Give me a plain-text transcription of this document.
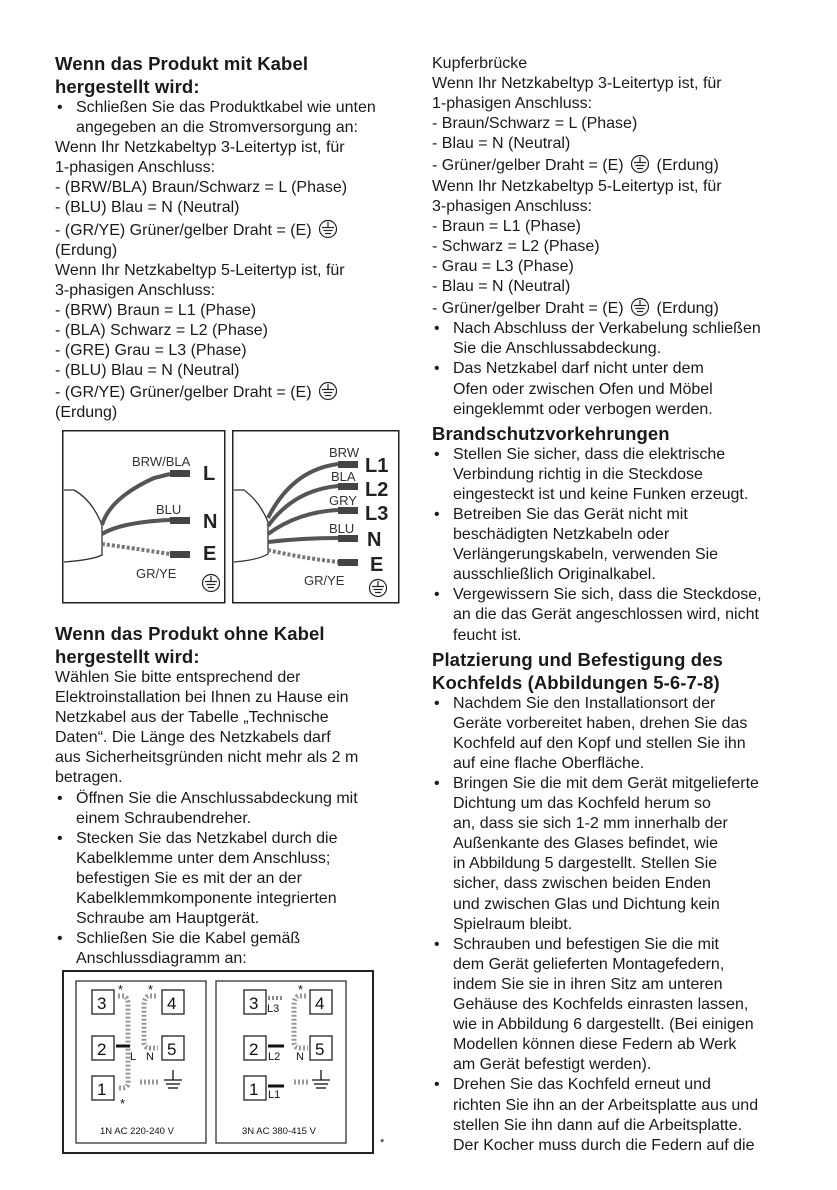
Wenn das Produkt mit Kabel
hergestellt wird:
• Schließen Sie das Produktkabel wie unten
angegeben an die Stromversorgung an:
Wenn Ihr Netzkabeltyp 3-Leitertyp ist, für
1-phasigen Anschluss:
- (BRW/BLA) Braun/Schwarz = L (Phase)
- (BLU) Blau = N (Neutral)
- (GR/YE) Grüner/gelber Draht = (E)
(Erdung)
Wenn Ihr Netzkabeltyp 5-Leitertyp ist, für
3-phasigen Anschluss:
- (BRW) Braun = L1 (Phase)
- (BLA) Schwarz = L2 (Phase)
- (GRE) Grau = L3 (Phase)
- (BLU) Blau = N (Neutral)
- (GR/YE) Grüner/gelber Draht = (E)
(Erdung)
BRW/BLA
BLU
GR/YE
L
N
E
BRW
BLA
GRY
BLU
GR/YE
L1
L2
L3
N
E
Wenn das Produkt ohne Kabel
hergestellt wird:
Wählen Sie bitte entsprechend der
Elektroinstallation bei Ihnen zu Hause ein
Netzkabel aus der Tabelle „Technische
Daten“. Die Länge des Netzkabels darf
aus Sicherheitsgründen nicht mehr als 2 m
betragen.
• Öffnen Sie die Anschlussabdeckung mit
einem Schraubendreher.
• Stecken Sie das Netzkabel durch die
Kabelklemme unter dem Anschluss;
befestigen Sie es mit der an der
Kabelklemmkomponente integrierten
Schraube am Hauptgerät.
• Schließen Sie die Kabel gemäß
Anschlussdiagramm an:
3	4
2	5
1
L N
* *
*
1N AC 220-240 V
3	4
2	5
1
L3
L2
L1
N
*
3N AC 380-415 V
*
Kupferbrücke
Wenn Ihr Netzkabeltyp 3-Leitertyp ist, für
1-phasigen Anschluss:
- Braun/Schwarz = L (Phase)
- Blau = N (Neutral)
- Grüner/gelber Draht = (E) (Erdung)
Wenn Ihr Netzkabeltyp 5-Leitertyp ist, für
3-phasigen Anschluss:
- Braun = L1 (Phase)
- Schwarz = L2 (Phase)
- Grau = L3 (Phase)
- Blau = N (Neutral)
- Grüner/gelber Draht = (E) (Erdung)
• Nach Abschluss der Verkabelung schließen
Sie die Anschlussabdeckung.
• Das Netzkabel darf nicht unter dem
Ofen oder zwischen Ofen und Möbel
eingeklemmt oder verbogen werden.
Brandschutzvorkehrungen
• Stellen Sie sicher, dass die elektrische
Verbindung richtig in die Steckdose
eingesteckt ist und keine Funken erzeugt.
• Betreiben Sie das Gerät nicht mit
beschädigten Netzkabeln oder
Verlängerungskabeln, verwenden Sie
ausschließlich Originalkabel.
• Vergewissern Sie sich, dass die Steckdose,
an die das Gerät angeschlossen wird, nicht
feucht ist.
Platzierung und Befestigung des
Kochfelds (Abbildungen 5-6-7-8)
• Nachdem Sie den Installationsort der
Geräte vorbereitet haben, drehen Sie das
Kochfeld auf den Kopf und stellen Sie ihn
auf eine flache Oberfläche.
• Bringen Sie die mit dem Gerät mitgelieferte
Dichtung um das Kochfeld herum so
an, dass sie sich 1-2 mm innerhalb der
Außenkante des Glases befindet, wie
in Abbildung 5 dargestellt. Stellen Sie
sicher, dass zwischen beiden Enden
und zwischen Glas und Dichtung kein
Spielraum bleibt.
• Schrauben und befestigen Sie die mit
dem Gerät gelieferten Montagefedern,
indem Sie sie in ihren Sitz am unteren
Gehäuse des Kochfelds einrasten lassen,
wie in Abbildung 6 dargestellt. (Bei einigen
Modellen können diese Federn ab Werk
am Gerät befestigt werden).
• Drehen Sie das Kochfeld erneut und
richten Sie ihn an der Arbeitsplatte aus und
stellen Sie ihn dann auf die Arbeitsplatte.
Der Kocher muss durch die Federn auf die
